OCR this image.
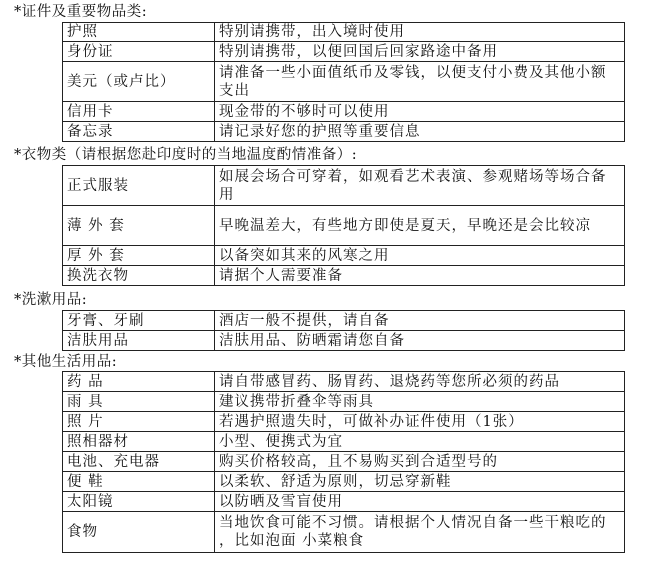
*证件及重要物品类:
护照	特别请携带，出入境时使用
身份证	特别请携带，以便回国后回家路途中备用
美元（或卢比）	请准备一些小面值纸币及零钱，以便支付小费及其他小额支出
信用卡	现金带的不够时可以使用
备忘录	请记录好您的护照等重要信息
*衣物类（请根据您赴印度时的当地温度酌情准备）:
正式服装	如展会场合可穿着，如观看艺术表演、参观赌场等场合备用
薄 外 套	早晚温差大，有些地方即使是夏天，早晚还是会比较凉
厚 外 套	以备突如其来的风寒之用
换洗衣物	请据个人需要准备
*洗漱用品:
牙膏、牙刷	酒店一般不提供，请自备
洁肤用品	洁肤用品、防晒霜请您自备
*其他生活用品:
药 品	请自带感冒药、肠胃药、退烧药等您所必须的药品
雨 具	建议携带折叠伞等雨具
照 片	若遇护照遗失时，可做补办证件使用（1张）
照相器材	小型、便携式为宜
电池、充电器	购买价格较高，且不易购买到合适型号的
便 鞋	以柔软、舒适为原则，切忌穿新鞋
太阳镜	以防晒及雪盲使用
食物	当地饮食可能不习惯。请根据个人情况自备一些干粮吃的 ，比如泡面 小菜粮食
